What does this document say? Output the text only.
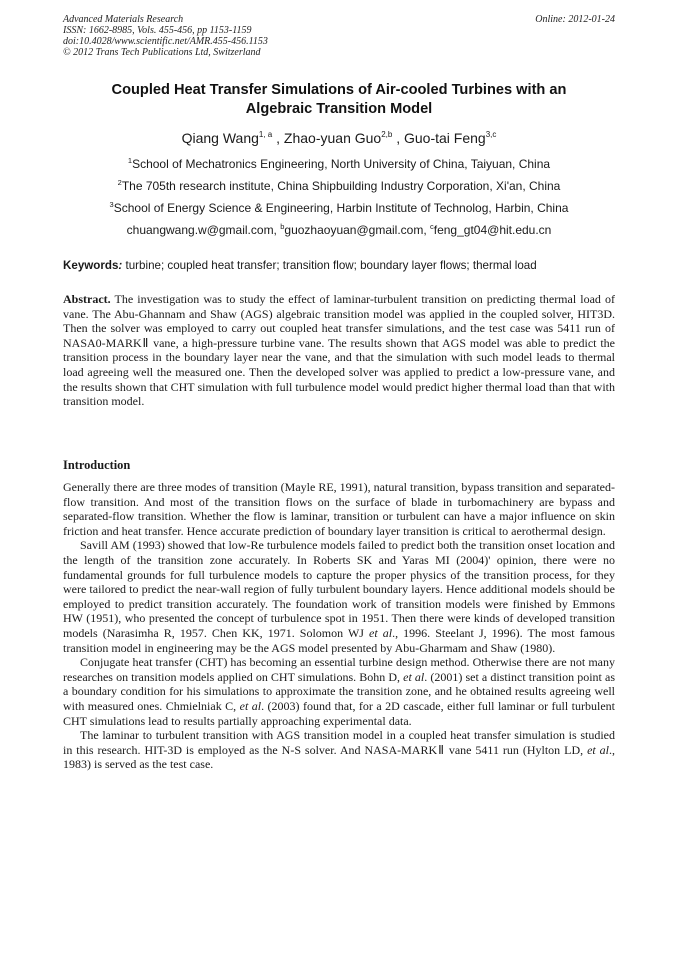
Advanced Materials Research
ISSN: 1662-8985, Vols. 455-456, pp 1153-1159
doi:10.4028/www.scientific.net/AMR.455-456.1153
© 2012 Trans Tech Publications Ltd, Switzerland
Online: 2012-01-24
Coupled Heat Transfer Simulations of Air-cooled Turbines with an
Algebraic Transition Model
Qiang Wang$^{1, a}$ , Zhao-yuan Guo$^{2,b}$ , Guo-tai Feng$^{3,c}$
$^1$School of Mechatronics Engineering, North University of China, Taiyuan, China
$^2$The 705th research institute, China Shipbuilding Industry Corporation, Xi'an, China
$^3$School of Energy Science & Engineering, Harbin Institute of Technolog, Harbin, China
chuangwang.w@gmail.com, $^b$guozhaoyuan@gmail.com, $^c$feng_gt04@hit.edu.cn
Keywords: turbine; coupled heat transfer; transition flow; boundary layer flows; thermal load
Abstract. The investigation was to study the effect of laminar-turbulent transition on predicting thermal load of vane. The Abu-Ghannam and Shaw (AGS) algebraic transition model was applied in the coupled solver, HIT3D. Then the solver was employed to carry out coupled heat transfer simulations, and the test case was 5411 run of NASA0-MARKⅡ vane, a high-pressure turbine vane. The results shown that AGS model was able to predict the transition process in the boundary layer near the vane, and that the simulation with such model leads to thermal load agreeing well the measured one. Then the developed solver was applied to predict a low-pressure vane, and the results shown that CHT simulation with full turbulence model would predict higher thermal load than that with transition model.
Introduction
Generally there are three modes of transition (Mayle RE, 1991), natural transition, bypass transition and separated-flow transition. And most of the transition flows on the surface of blade in turbomachinery are bypass and separated-flow transition. Whether the flow is laminar, transition or turbulent can have a major influence on skin friction and heat transfer. Hence accurate prediction of boundary layer transition is critical to aerothermal design.
Savill AM (1993) showed that low-Re turbulence models failed to predict both the transition onset location and the length of the transition zone accurately. In Roberts SK and Yaras MI (2004)' opinion, there were no fundamental grounds for full turbulence models to capture the proper physics of the transition process, for they were tailored to predict the near-wall region of fully turbulent boundary layers. Hence additional models should be employed to predict transition accurately. The foundation work of transition models were finished by Emmons HW (1951), who presented the concept of turbulence spot in 1951. Then there were kinds of developed transition models (Narasimha R, 1957. Chen KK, 1971. Solomon WJ et al., 1996. Steelant J, 1996). The most famous transition model in engineering may be the AGS model presented by Abu-Gharmam and Shaw (1980).
Conjugate heat transfer (CHT) has becoming an essential turbine design method. Otherwise there are not many researches on transition models applied on CHT simulations. Bohn D, et al. (2001) set a distinct transition point as a boundary condition for his simulations to approximate the transition zone, and he obtained results agreeing well with measured ones. Chmielniak C, et al. (2003) found that, for a 2D cascade, either full laminar or full turbulent CHT simulations lead to results partially approaching experimental data.
The laminar to turbulent transition with AGS transition model in a coupled heat transfer simulation is studied in this research. HIT-3D is employed as the N-S solver. And NASA-MARKⅡ vane 5411 run (Hylton LD, et al., 1983) is served as the test case.
